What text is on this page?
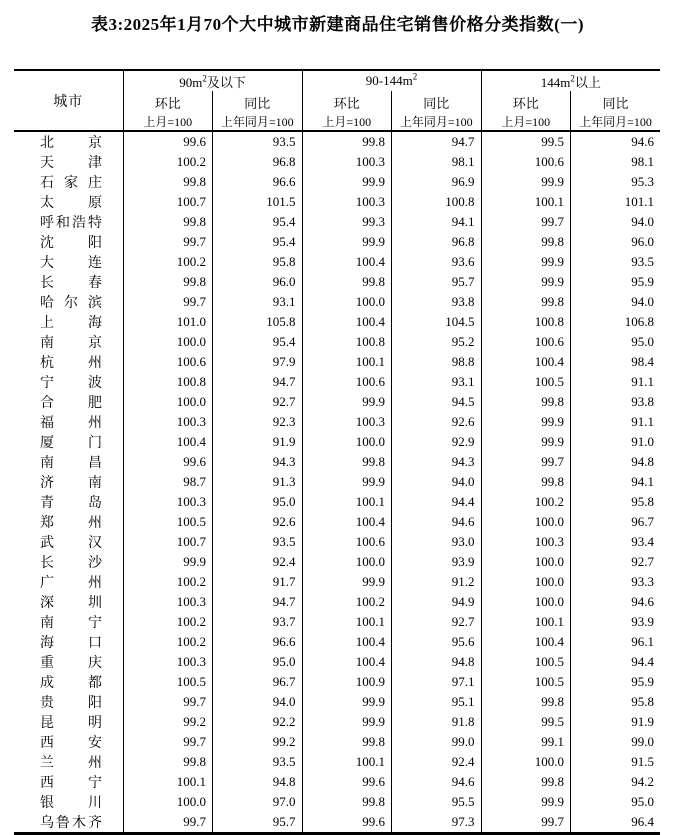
表3:2025年1月70个大中城市新建商品住宅销售价格分类指数(一)
城市	$90m^2$及以下		$90-144m^2$		$144m^2$以上	
	环比	同比	环比	同比	环比	同比
	上月=100	上年同月=100	上月=100	上年同月=100	上月=100	上年同月=100

北 京	99.6	93.5	99.8	94.7	99.5	94.6

天 津	100.2	96.8	100.3	98.1	100.6	98.1

石 家 庄	99.8	96.6	99.9	96.9	99.9	95.3

太 原	100.7	101.5	100.3	100.8	100.1	101.1

呼 和 浩 特	99.8	95.4	99.3	94.1	99.7	94.0

沈 阳	99.7	95.4	99.9	96.8	99.8	96.0

大 连	100.2	95.8	100.4	93.6	99.9	93.5

长 春	99.8	96.0	99.8	95.7	99.9	95.9

哈 尔 滨	99.7	93.1	100.0	93.8	99.8	94.0

上 海	101.0	105.8	100.4	104.5	100.8	106.8

南 京	100.0	95.4	100.8	95.2	100.6	95.0

杭 州	100.6	97.9	100.1	98.8	100.4	98.4

宁 波	100.8	94.7	100.6	93.1	100.5	91.1

合 肥	100.0	92.7	99.9	94.5	99.8	93.8

福 州	100.3	92.3	100.3	92.6	99.9	91.1

厦 门	100.4	91.9	100.0	92.9	99.9	91.0

南 昌	99.6	94.3	99.8	94.3	99.7	94.8

济 南	98.7	91.3	99.9	94.0	99.8	94.1

青 岛	100.3	95.0	100.1	94.4	100.2	95.8

郑 州	100.5	92.6	100.4	94.6	100.0	96.7

武 汉	100.7	93.5	100.6	93.0	100.3	93.4

长 沙	99.9	92.4	100.0	93.9	100.0	92.7

广 州	100.2	91.7	99.9	91.2	100.0	93.3

深 圳	100.3	94.7	100.2	94.9	100.0	94.6

南 宁	100.2	93.7	100.1	92.7	100.1	93.9

海 口	100.2	96.6	100.4	95.6	100.4	96.1

重 庆	100.3	95.0	100.4	94.8	100.5	94.4

成 都	100.5	96.7	100.9	97.1	100.5	95.9

贵 阳	99.7	94.0	99.9	95.1	99.8	95.8

昆 明	99.2	92.2	99.9	91.8	99.5	91.9

西 安	99.7	99.2	99.8	99.0	99.1	99.0

兰 州	99.8	93.5	100.1	92.4	100.0	91.5

西 宁	100.1	94.8	99.6	94.6	99.8	94.2

银 川	100.0	97.0	99.8	95.5	99.9	95.0

乌 鲁 木 齐	99.7	95.7	99.6	97.3	99.7	96.4
